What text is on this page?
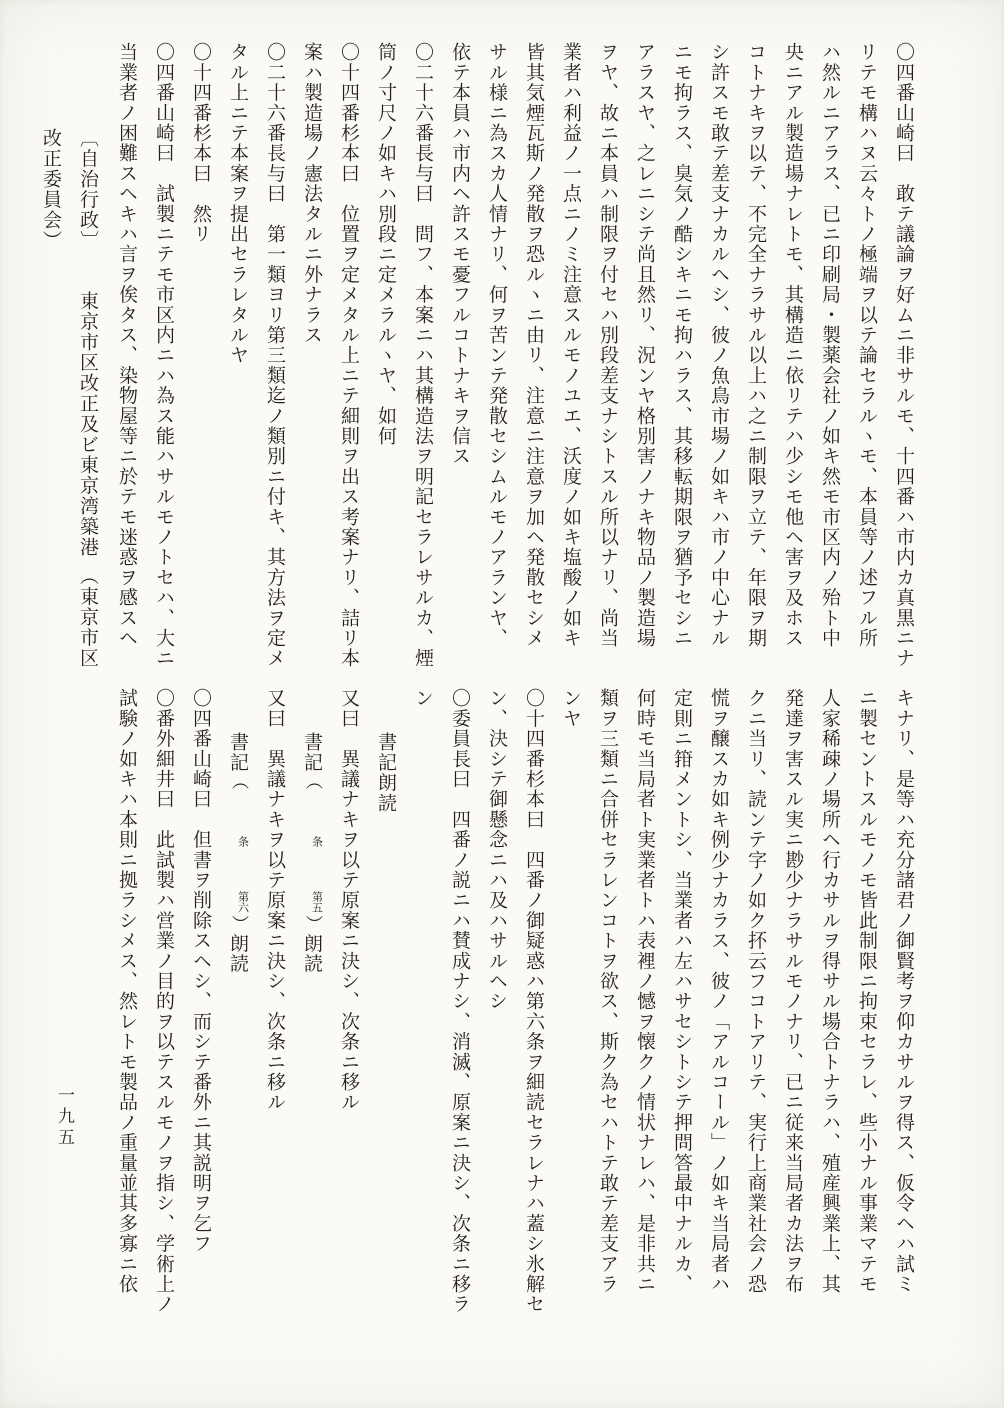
〇四番山崎曰　敢テ議論ヲ好ムニ非サルモ、十四番ハ市内カ真黒ニナ

リテモ構ハヌ云々トノ極端ヲ以テ論セラルヽモ、本員等ノ述フル所

ハ然ルニアラス、已ニ印刷局・製薬会社ノ如キ然モ市区内ノ殆ト中

央ニアル製造場ナレトモ、其構造ニ依リテハ少シモ他ヘ害ヲ及ホス

コトナキヲ以テ、不完全ナラサル以上ハ之ニ制限ヲ立テ、年限ヲ期

シ許スモ敢テ差支ナカルヘシ、彼ノ魚鳥市場ノ如キハ市ノ中心ナル

ニモ拘ラス、臭気ノ酷シキニモ拘ハラス、其移転期限ヲ猶予セシニ

アラスヤ、之レニシテ尚且然リ、況ンヤ格別害ノナキ物品ノ製造場

ヲヤ、故ニ本員ハ制限ヲ付セハ別段差支ナシトスル所以ナリ、尚当

業者ハ利益ノ一点ニノミ注意スルモノユエ、沃度ノ如キ塩酸ノ如キ

皆其気煙瓦斯ノ発散ヲ恐ルヽニ由リ、注意ニ注意ヲ加ヘ発散セシメ

サル様ニ為スカ人情ナリ、何ヲ苦ンテ発散セシムルモノアランヤ、

依テ本員ハ市内ヘ許スモ憂フルコトナキヲ信ス

〇二十六番長与曰　問フ、本案ニハ其構造法ヲ明記セラレサルカ、煙

筒ノ寸尺ノ如キハ別段ニ定メラルヽヤ、如何

〇十四番杉本曰　位置ヲ定メタル上ニテ細則ヲ出ス考案ナリ、詰リ本

案ハ製造場ノ憲法タルニ外ナラス

〇二十六番長与曰　第一類ヨリ第三類迄ノ類別ニ付キ、其方法ヲ定メ

タル上ニテ本案ヲ提出セラレタルヤ

〇十四番杉本曰　然リ

〇四番山崎曰　試製ニテモ市区内ニハ為ス能ハサルモノトセハ、大ニ

当業者ノ困難スヘキハ言ヲ俟タス、染物屋等ニ於テモ迷惑ヲ感スヘ

〔自治行政〕東京市区改正及ビ東京湾築港（東京市区改正委員会）

キナリ、是等ハ充分諸君ノ御賢考ヲ仰カサルヲ得ス、仮令ヘハ試ミ

ニ製セントスルモノモ皆此制限ニ拘束セラレ、些小ナル事業マテモ

人家稀疎ノ場所ヘ行カサルヲ得サル場合トナラハ、殖産興業上、其

発達ヲ害スル実ニ尠少ナラサルモノナリ、已ニ従来当局者カ法ヲ布

クニ当リ、読ンテ字ノ如ク抔云フコトアリテ、実行上商業社会ノ恐

慌ヲ醸スカ如キ例少ナカラス、彼ノ「アルコール」ノ如キ当局者ハ

定則ニ箝メントシ、当業者ハ左ハサセシトシテ押問答最中ナルカ、

何時モ当局者ト実業者トハ表裡ノ憾ヲ懐クノ情状ナレハ、是非共ニ

類ヲ三類ニ合併セラレンコトヲ欲ス、斯ク為セハトテ敢テ差支アラ

ンヤ

〇十四番杉本曰　四番ノ御疑惑ハ第六条ヲ細読セラレナハ蓋シ氷解セ

ン、決シテ御懸念ニハ及ハサルヘシ

〇委員長曰　四番ノ説ニハ賛成ナシ、消滅、原案ニ決シ、次条ニ移ラ

ン

書記朗読

又曰　異議ナキヲ以テ原案ニ決シ、次条ニ移ル

書記（
第五
条
）朗読

又曰　異議ナキヲ以テ原案ニ決シ、次条ニ移ル

書記（
第六
条
）朗読

〇四番山崎曰　但書ヲ削除スヘシ、而シテ番外ニ其説明ヲ乞フ

〇番外細井曰　此試製ハ営業ノ目的ヲ以テスルモノヲ指シ、学術上ノ

試験ノ如キハ本則ニ拠ラシメス、然レトモ製品ノ重量並其多寡ニ依

一九五
